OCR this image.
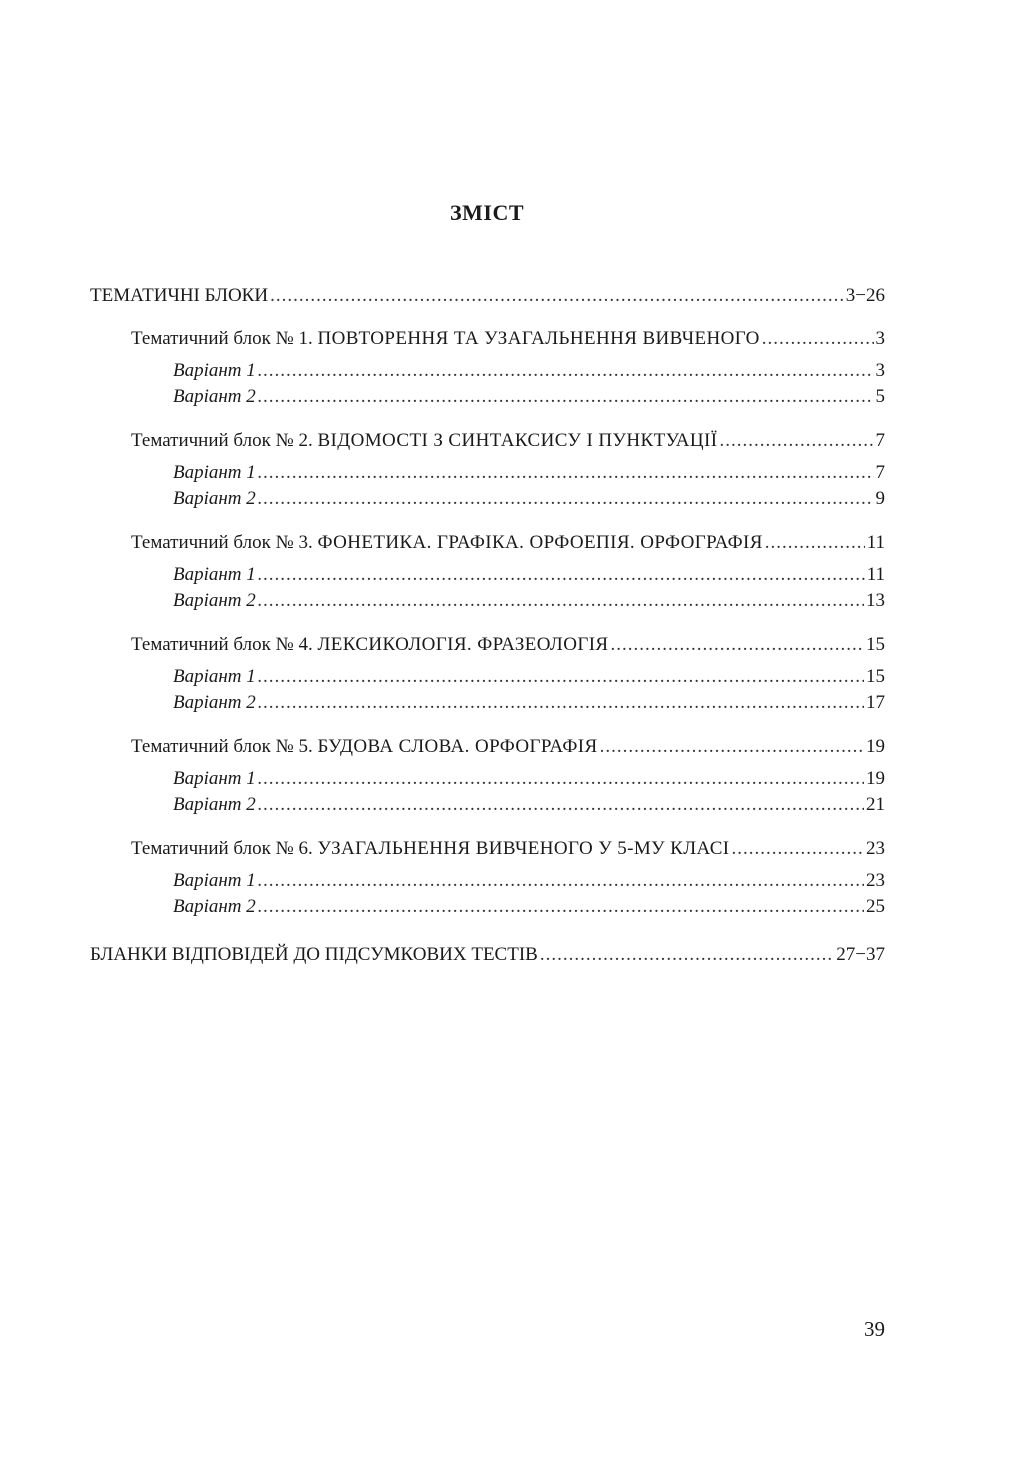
ЗМІСТ
ТЕМАТИЧНІ БЛОКИ .....	3−26
Тематичний блок № 1. ПОВТОРЕННЯ ТА УЗАГАЛЬНЕННЯ ВИВЧЕНОГО .....	3
Варіант 1 .....	3
Варіант 2 .....	5
Тематичний блок № 2. ВІДОМОСТІ З СИНТАКСИСУ І ПУНКТУАЦІЇ .....	7
Варіант 1 .....	7
Варіант 2 .....	9
Тематичний блок № 3. ФОНЕТИКА. ГРАФІКА. ОРФОЕПІЯ. ОРФОГРАФІЯ .....	11
Варіант 1 .....	11
Варіант 2 .....	13
Тематичний блок № 4. ЛЕКСИКОЛОГІЯ. ФРАЗЕОЛОГІЯ .....	15
Варіант 1 .....	15
Варіант 2 .....	17
Тематичний блок № 5. БУДОВА СЛОВА. ОРФОГРАФІЯ .....	19
Варіант 1 .....	19
Варіант 2 .....	21
Тематичний блок № 6. УЗАГАЛЬНЕННЯ ВИВЧЕНОГО У 5-МУ КЛАСІ .....	23
Варіант 1 .....	23
Варіант 2 .....	25
БЛАНКИ ВІДПОВІДЕЙ ДО ПІДСУМКОВИХ ТЕСТІВ .....	27−37
39
